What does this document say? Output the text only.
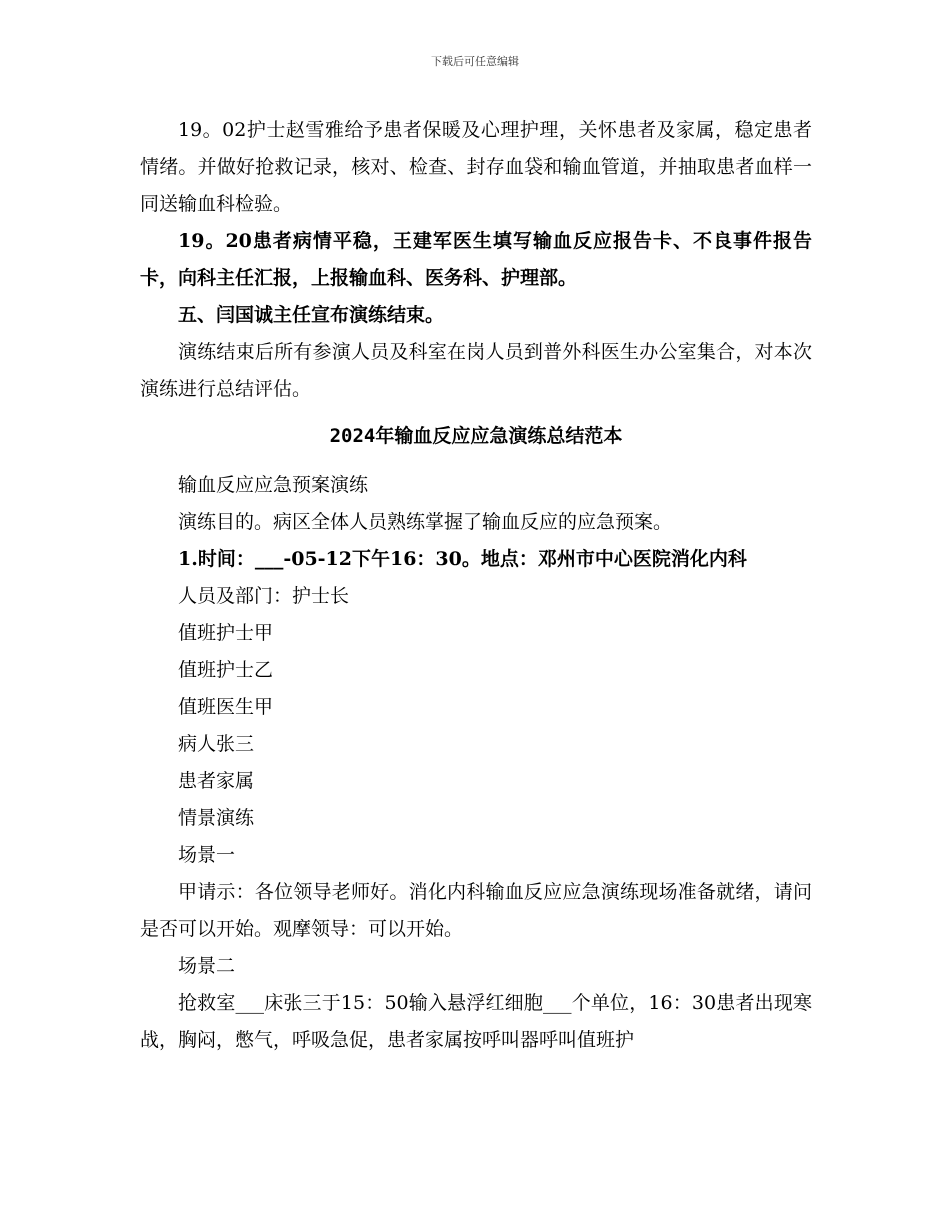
下载后可任意编辑

19。02护士赵雪雅给予患者保暖及心理护理，关怀患者及家属，稳定患者情绪。并做好抢救记录，核对、检查、封存血袋和输血管道，并抽取患者血样一同送输血科检验。

19。20患者病情平稳，王建军医生填写输血反应报告卡、不良事件报告卡，向科主任汇报，上报输血科、医务科、护理部。

五、闫国诚主任宣布演练结束。

演练结束后所有参演人员及科室在岗人员到普外科医生办公室集合，对本次演练进行总结评估。

2024年输血反应应急演练总结范本

输血反应应急预案演练

演练目的。病区全体人员熟练掌握了输血反应的应急预案。

1.时间：___-05-12下午16：30。地点：邓州市中心医院消化内科

人员及部门：护士长

值班护士甲

值班护士乙

值班医生甲

病人张三

患者家属

情景演练

场景一

甲请示：各位领导老师好。消化内科输血反应应急演练现场准备就绪，请问是否可以开始。观摩领导：可以开始。

场景二

抢救室___床张三于15：50输入悬浮红细胞___个单位，16：30患者出现寒战，胸闷，憋气，呼吸急促，患者家属按呼叫器呼叫值班护
